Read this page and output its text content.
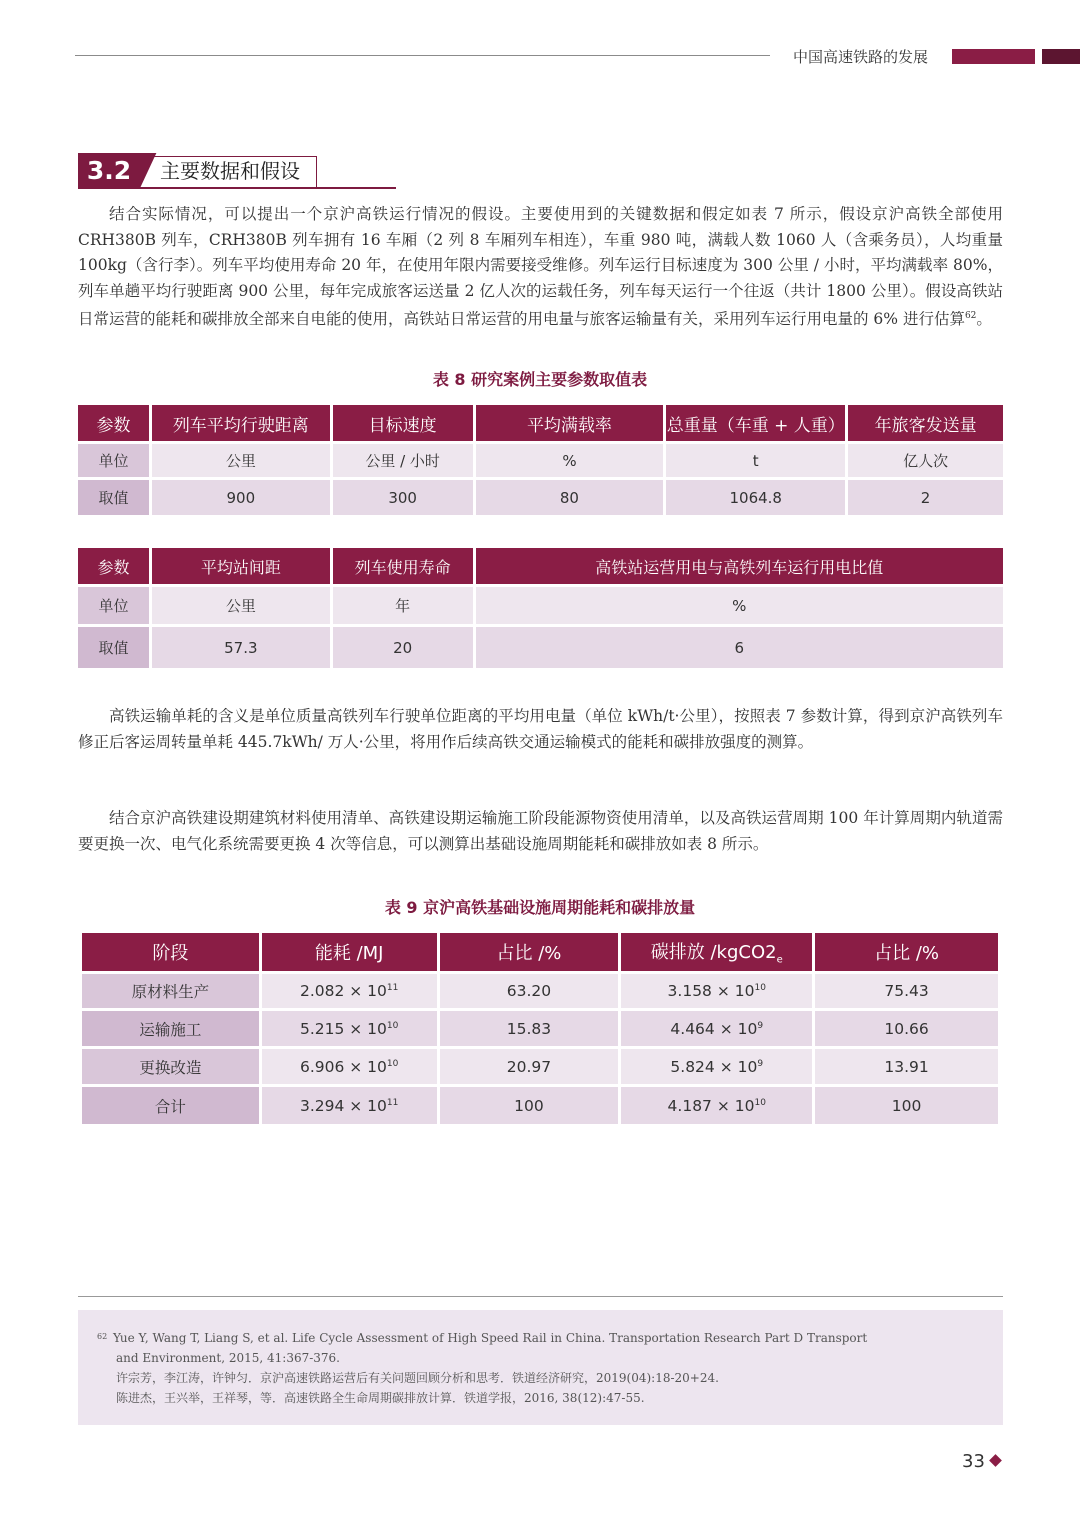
中国高速铁路的发展
3.2	主要数据和假设
结合实际情况，可以提出一个京沪高铁运行情况的假设。主要使用到的关键数据和假定如表 7 所示，假设京沪高铁全部使用 CRH380B 列车，CRH380B 列车拥有 16 车厢（2 列 8 车厢列车相连），车重 980 吨，满载人数 1060 人（含乘务员），人均重量 100kg（含行李）。列车平均使用寿命 20 年，在使用年限内需要接受维修。列车运行目标速度为 300 公里 / 小时，平均满载率 80%，列车单趟平均行驶距离 900 公里，每年完成旅客运送量 2 亿人次的运载任务，列车每天运行一个往返（共计 1800 公里）。假设高铁站日常运营的能耗和碳排放全部来自电能的使用，高铁站日常运营的用电量与旅客运输量有关，采用列车运行用电量的 6% 进行估算$^{62}$。
表 8 研究案例主要参数取值表
参数	列车平均行驶距离	目标速度	平均满载率	总重量（车重 + 人重）	年旅客发送量
单位	公里	公里 / 小时	%	t	亿人次
取值	900	300	80	1064.8	2
参数	平均站间距	列车使用寿命	高铁站运营用电与高铁列车运行用电比值
单位	公里	年	%
取值	57.3	20	6
高铁运输单耗的含义是单位质量高铁列车行驶单位距离的平均用电量（单位 kWh/t·公里），按照表 7 参数计算，得到京沪高铁列车修正后客运周转量单耗 445.7kWh/ 万人·公里，将用作后续高铁交通运输模式的能耗和碳排放强度的测算。
结合京沪高铁建设期建筑材料使用清单、高铁建设期运输施工阶段能源物资使用清单，以及高铁运营周期 100 年计算周期内轨道需要更换一次、电气化系统需要更换 4 次等信息，可以测算出基础设施周期能耗和碳排放如表 8 所示。
表 9 京沪高铁基础设施周期能耗和碳排放量
阶段	能耗 /MJ	占比 /%	碳排放 $/kgCO2_e$	占比 /%
原材料生产	$2.082 \times 10^{11}$	63.20	$3.158 \times 10^{10}$	75.43
运输施工	$5.215 \times 10^{10}$	15.83	$4.464 \times 10^9$	10.66
更换改造	$6.906 \times 10^{10}$	20.97	$5.824 \times 10^9$	13.91
合计	$3.294 \times 10^{11}$	100	$4.187 \times 10^{10}$	100
$^{62}$ Yue Y, Wang T, Liang S, et al. Life Cycle Assessment of High Speed Rail in China. Transportation Research Part D Transport
and Environment, 2015, 41:367-376.
许宗芳，李江涛，许钟匀．京沪高速铁路运营后有关问题回顾分析和思考．铁道经济研究，2019(04):18-20+24.
陈进杰，王兴举，王祥琴，等．高速铁路全生命周期碳排放计算．铁道学报，2016, 38(12):47-55.
33
